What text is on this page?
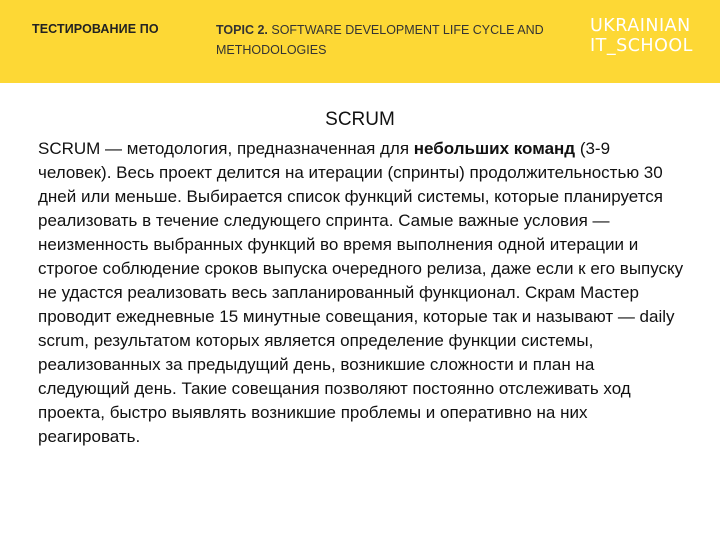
ТЕСТИРОВАНИЕ ПО	TOPIC 2. SOFTWARE DEVELOPMENT LIFE CYCLE AND METHODOLOGIES
UKRAINIAN
IT_SCHOOL
SCRUM
SCRUM — методология, предназначенная для небольших команд (3-9 человек). Весь проект делится на итерации (спринты) продолжительностью 30 дней или меньше. Выбирается список функций системы, которые планируется реализовать в течение следующего спринта. Самые важные условия — неизменность выбранных функций во время выполнения одной итерации и строгое соблюдение сроков выпуска очередного релиза, даже если к его выпуску не удастся реализовать весь запланированный функционал. Скрам Мастер проводит ежедневные 15 минутные совещания, которые так и называют — daily scrum, результатом которых является определение функции системы, реализованных за предыдущий день, возникшие сложности и план на следующий день. Такие совещания позволяют постоянно отслеживать ход проекта, быстро выявлять возникшие проблемы и оперативно на них реагировать.
